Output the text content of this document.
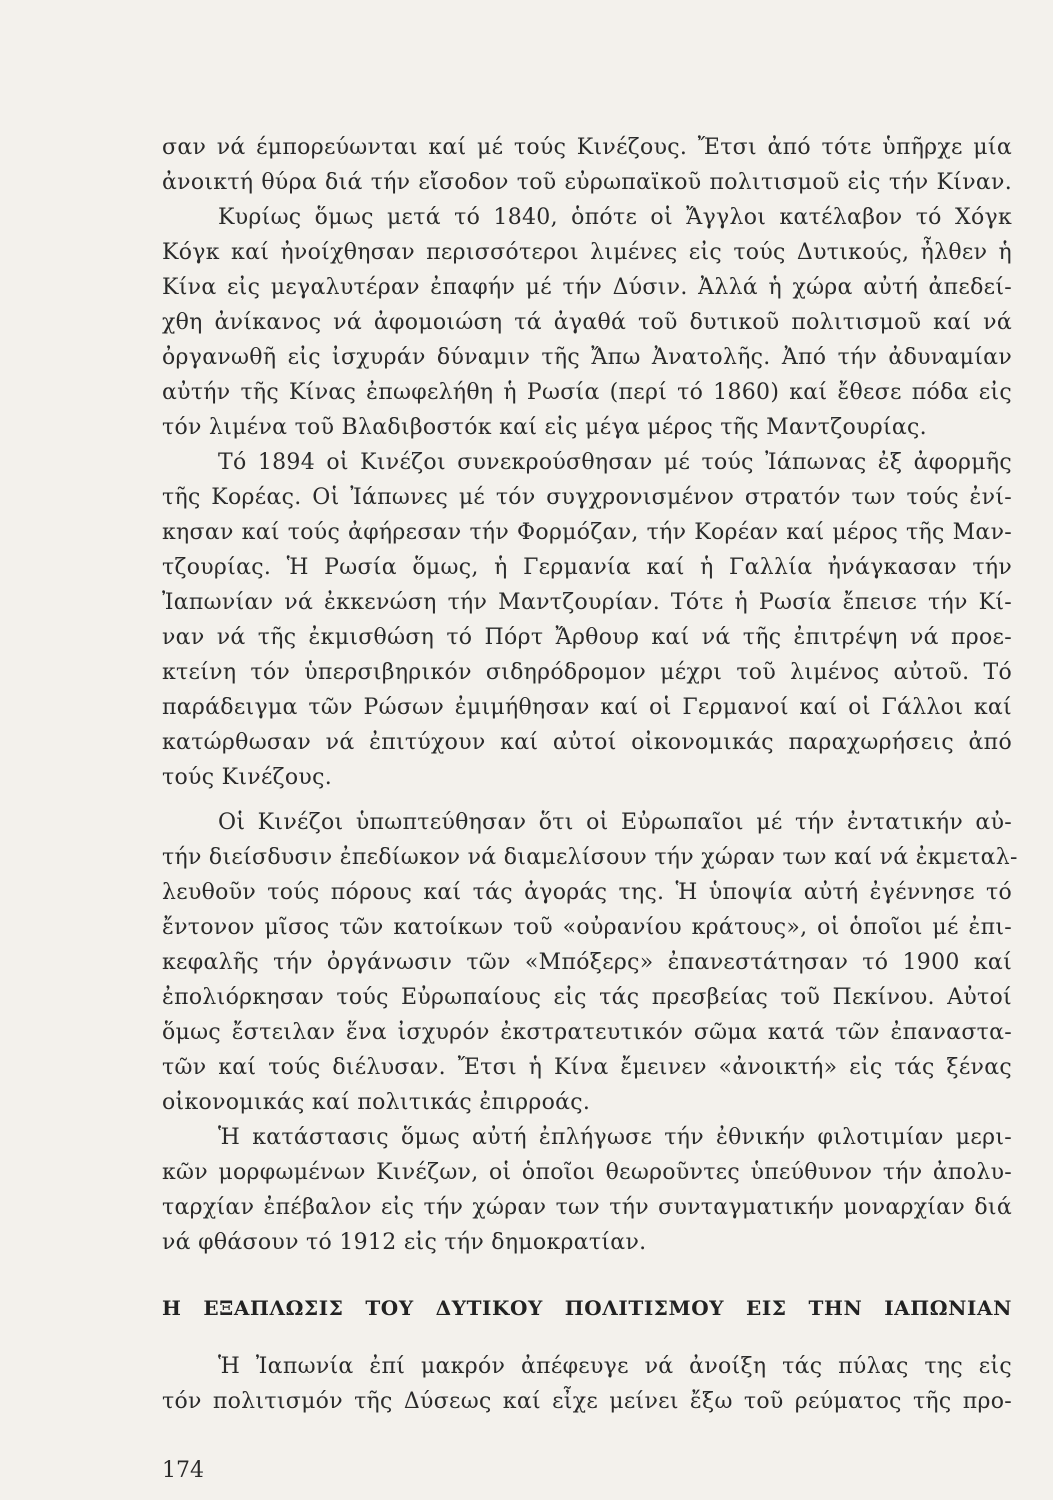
σαν νά έμπορεύωνται καί μέ τούς Κινέζους. Ἔτσι ἀπό τότε ὑπῆρχε μία
ἀνοικτή θύρα διά τήν εἴσοδον τοῦ εὐρωπαϊκοῦ πολιτισμοῦ εἰς τήν Κίναν.
Κυρίως ὅμως μετά τό 1840, ὁπότε οἱ Ἄγγλοι κατέλαβον τό Χόγκ
Κόγκ καί ἠνοίχθησαν περισσότεροι λιμένες εἰς τούς Δυτικούς, ἦλθεν ἡ
Κίνα εἰς μεγαλυτέραν ἐπαφήν μέ τήν Δύσιν. Ἀλλά ἡ χώρα αὐτή ἀπεδεί-
χθη ἀνίκανος νά ἀφομοιώση τά ἀγαθά τοῦ δυτικοῦ πολιτισμοῦ καί νά
ὀργανωθῆ εἰς ἰσχυράν δύναμιν τῆς Ἄπω Ἀνατολῆς. Ἀπό τήν ἀδυναμίαν
αὐτήν τῆς Κίνας ἐπωφελήθη ἡ Ρωσία (περί τό 1860) καί ἔθεσε πόδα εἰς
τόν λιμένα τοῦ Βλαδιβοστόκ καί εἰς μέγα μέρος τῆς Μαντζουρίας.
Τό 1894 οἱ Κινέζοι συνεκρούσθησαν μέ τούς Ἰάπωνας ἐξ ἀφορμῆς
τῆς Κορέας. Οἱ Ἰάπωνες μέ τόν συγχρονισμένον στρατόν των τούς ἐνί-
κησαν καί τούς ἀφήρεσαν τήν Φορμόζαν, τήν Κορέαν καί μέρος τῆς Μαν-
τζουρίας. Ἡ Ρωσία ὅμως, ἡ Γερμανία καί ἡ Γαλλία ἠνάγκασαν τήν
Ἰαπωνίαν νά ἐκκενώση τήν Μαντζουρίαν. Τότε ἡ Ρωσία ἔπεισε τήν Κί-
ναν νά τῆς ἐκμισθώση τό Πόρτ Ἄρθουρ καί νά τῆς ἐπιτρέψη νά προε-
κτείνη τόν ὑπερσιβηρικόν σιδηρόδρομον μέχρι τοῦ λιμένος αὐτοῦ. Τό
παράδειγμα τῶν Ρώσων ἐμιμήθησαν καί οἱ Γερμανοί καί οἱ Γάλλοι καί
κατώρθωσαν νά ἐπιτύχουν καί αὐτοί οἰκονομικάς παραχωρήσεις ἀπό
τούς Κινέζους.
Οἱ Κινέζοι ὑπωπτεύθησαν ὅτι οἱ Εὐρωπαῖοι μέ τήν ἐντατικήν αὐ-
τήν διείσδυσιν ἐπεδίωκον νά διαμελίσουν τήν χώραν των καί νά ἐκμεταλ-
λευθοῦν τούς πόρους καί τάς ἀγοράς της. Ἡ ὑποψία αὐτή ἐγέννησε τό
ἔντονον μῖσος τῶν κατοίκων τοῦ «οὐρανίου κράτους», οἱ ὁποῖοι μέ ἐπι-
κεφαλῆς τήν ὀργάνωσιν τῶν «Μπόξερς» ἐπανεστάτησαν τό 1900 καί
ἐπολιόρκησαν τούς Εὐρωπαίους εἰς τάς πρεσβείας τοῦ Πεκίνου. Αὐτοί
ὅμως ἔστειλαν ἕνα ἰσχυρόν ἐκστρατευτικόν σῶμα κατά τῶν ἐπαναστα-
τῶν καί τούς διέλυσαν. Ἔτσι ἡ Κίνα ἔμεινεν «ἀνοικτή» εἰς τάς ξένας
οἰκονομικάς καί πολιτικάς ἐπιρροάς.
Ἡ κατάστασις ὅμως αὐτή ἐπλήγωσε τήν ἐθνικήν φιλοτιμίαν μερι-
κῶν μορφωμένων Κινέζων, οἱ ὁποῖοι θεωροῦντες ὑπεύθυνον τήν ἀπολυ-
ταρχίαν ἐπέβαλον εἰς τήν χώραν των τήν συνταγματικήν μοναρχίαν διά
νά φθάσουν τό 1912 εἰς τήν δημοκρατίαν.
Η ΕΞΑΠΛΩΣΙΣ ΤΟΥ ΔΥΤΙΚΟΥ ΠΟΛΙΤΙΣΜΟΥ ΕΙΣ ΤΗΝ ΙΑΠΩΝΙΑΝ
Ἡ Ἰαπωνία ἐπί μακρόν ἀπέφευγε νά ἀνοίξη τάς πύλας της εἰς
τόν πολιτισμόν τῆς Δύσεως καί εἶχε μείνει ἔξω τοῦ ρεύματος τῆς προ-
174
